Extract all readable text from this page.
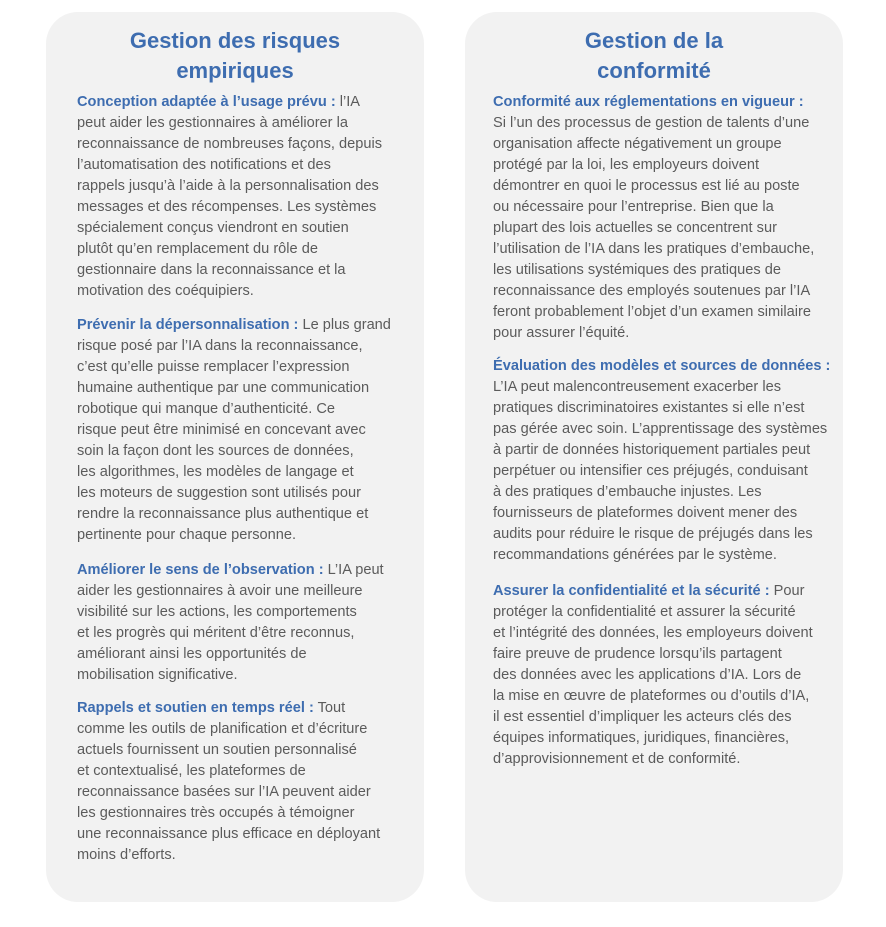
Gestion des risques
empiriques

Conception adaptée à l’usage prévu : l’IA
peut aider les gestionnaires à améliorer la
reconnaissance de nombreuses façons, depuis
l’automatisation des notifications et des
rappels jusqu’à l’aide à la personnalisation des
messages et des récompenses. Les systèmes
spécialement conçus viendront en soutien
plutôt qu’en remplacement du rôle de
gestionnaire dans la reconnaissance et la
motivation des coéquipiers.

Prévenir la dépersonnalisation : Le plus grand
risque posé par l’IA dans la reconnaissance,
c’est qu’elle puisse remplacer l’expression
humaine authentique par une communication
robotique qui manque d’authenticité. Ce
risque peut être minimisé en concevant avec
soin la façon dont les sources de données,
les algorithmes, les modèles de langage et
les moteurs de suggestion sont utilisés pour
rendre la reconnaissance plus authentique et
pertinente pour chaque personne.

Améliorer le sens de l’observation : L’IA peut
aider les gestionnaires à avoir une meilleure
visibilité sur les actions, les comportements
et les progrès qui méritent d’être reconnus,
améliorant ainsi les opportunités de
mobilisation significative.

Rappels et soutien en temps réel : Tout
comme les outils de planification et d’écriture
actuels fournissent un soutien personnalisé
et contextualisé, les plateformes de
reconnaissance basées sur l’IA peuvent aider
les gestionnaires très occupés à témoigner
une reconnaissance plus efficace en déployant
moins d’efforts.

Gestion de la
conformité

Conformité aux réglementations en vigueur :
Si l’un des processus de gestion de talents d’une
organisation affecte négativement un groupe
protégé par la loi, les employeurs doivent
démontrer en quoi le processus est lié au poste
ou nécessaire pour l’entreprise. Bien que la
plupart des lois actuelles se concentrent sur
l’utilisation de l’IA dans les pratiques d’embauche,
les utilisations systémiques des pratiques de
reconnaissance des employés soutenues par l’IA
feront probablement l’objet d’un examen similaire
pour assurer l’équité.

Évaluation des modèles et sources de données :
L’IA peut malencontreusement exacerber les
pratiques discriminatoires existantes si elle n’est
pas gérée avec soin. L’apprentissage des systèmes
à partir de données historiquement partiales peut
perpétuer ou intensifier ces préjugés, conduisant
à des pratiques d’embauche injustes. Les
fournisseurs de plateformes doivent mener des
audits pour réduire le risque de préjugés dans les
recommandations générées par le système.

Assurer la confidentialité et la sécurité : Pour
protéger la confidentialité et assurer la sécurité
et l’intégrité des données, les employeurs doivent
faire preuve de prudence lorsqu’ils partagent
des données avec les applications d’IA. Lors de
la mise en œuvre de plateformes ou d’outils d’IA,
il est essentiel d’impliquer les acteurs clés des
équipes informatiques, juridiques, financières,
d’approvisionnement et de conformité.
